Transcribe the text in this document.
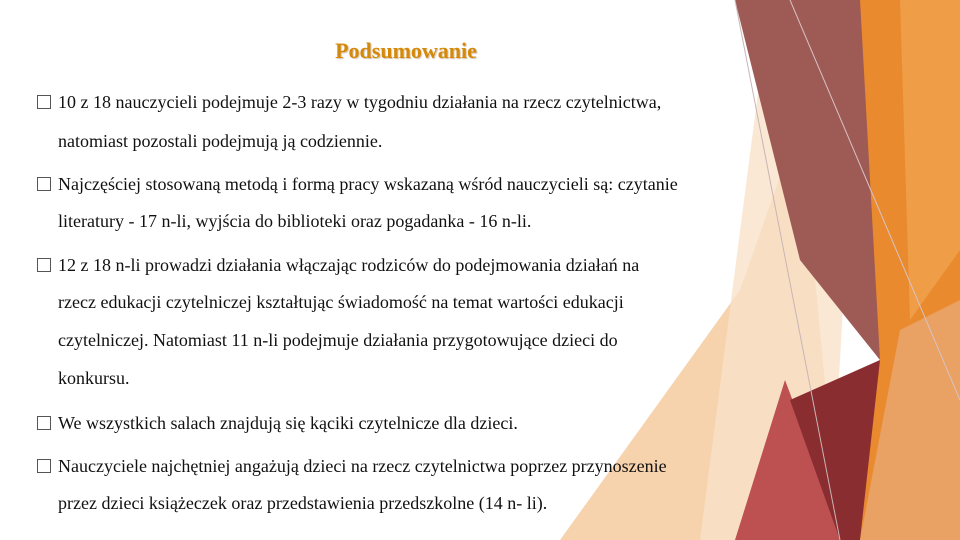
Podsumowanie
10 z 18 nauczycieli podejmuje 2-3 razy w tygodniu działania na rzecz czytelnictwa,
natomiast pozostali podejmują ją codziennie.
Najczęściej stosowaną metodą i formą pracy wskazaną wśród nauczycieli są: czytanie
literatury - 17 n-li, wyjścia do biblioteki oraz pogadanka - 16 n-li.
12 z 18 n-li prowadzi działania włączając rodziców do podejmowania działań na
rzecz edukacji czytelniczej kształtując świadomość na temat wartości edukacji
czytelniczej. Natomiast 11 n-li podejmuje działania przygotowujące dzieci do
konkursu.
We wszystkich salach znajdują się kąciki czytelnicze dla dzieci.
Nauczyciele najchętniej angażują dzieci na rzecz czytelnictwa poprzez przynoszenie
przez dzieci książeczek oraz przedstawienia przedszkolne (14 n- li).
